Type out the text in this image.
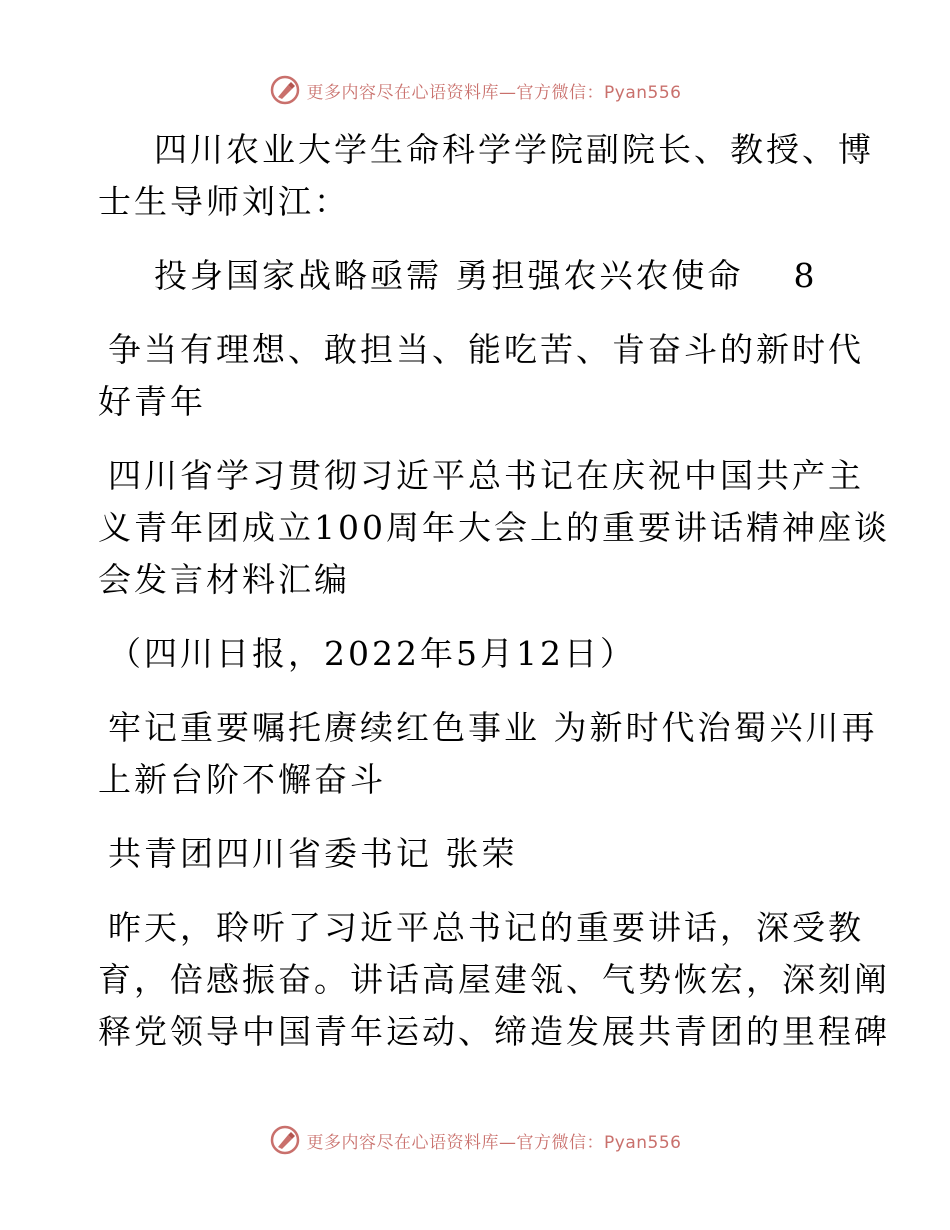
更多内容尽在心语资料库—官方微信：Pyan556
四川农业大学生命科学学院副院长、教授、博
士生导师刘江：
投身国家战略亟需 勇担强农兴农使命 8
争当有理想、敢担当、能吃苦、肯奋斗的新时代
好青年
四川省学习贯彻习近平总书记在庆祝中国共产主
义青年团成立100周年大会上的重要讲话精神座谈
会发言材料汇编
（四川日报，2022年5月12日）
牢记重要嘱托赓续红色事业 为新时代治蜀兴川再
上新台阶不懈奋斗
共青团四川省委书记 张荣
昨天，聆听了习近平总书记的重要讲话，深受教
育，倍感振奋。讲话高屋建瓴、气势恢宏，深刻阐
释党领导中国青年运动、缔造发展共青团的里程碑
更多内容尽在心语资料库—官方微信：Pyan556
